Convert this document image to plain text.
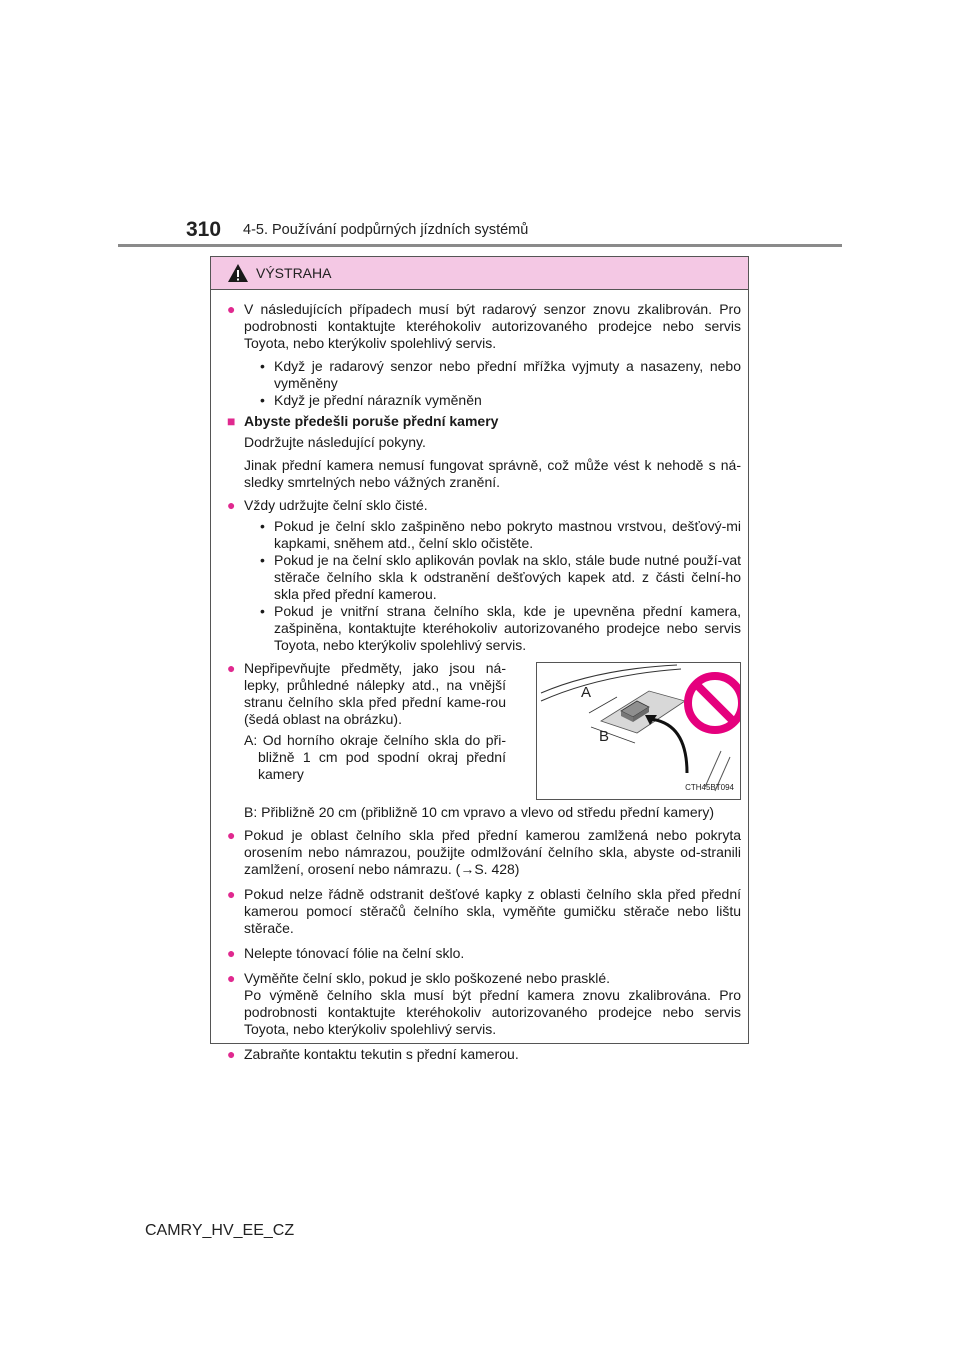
310 4-5. Používání podpůrných jízdních systémů
VÝSTRAHA
● V následujících případech musí být radarový senzor znovu zkalibrován. Pro podrobnosti kontaktujte kteréhokoliv autorizovaného prodejce nebo servis Toyota, nebo kterýkoliv spolehlivý servis.
• Když je radarový senzor nebo přední mřížka vyjmuty a nasazeny, nebo vyměněny
• Když je přední nárazník vyměněn
■ Abyste předešli poruše přední kamery
Dodržujte následující pokyny.
Jinak přední kamera nemusí fungovat správně, což může vést k nehodě s ná-sledky smrtelných nebo vážných zranění.
● Vždy udržujte čelní sklo čisté.
• Pokud je čelní sklo zašpiněno nebo pokryto mastnou vrstvou, dešťový-mi kapkami, sněhem atd., čelní sklo očistěte.
• Pokud je na čelní sklo aplikován povlak na sklo, stále bude nutné použí-vat stěrače čelního skla k odstranění dešťových kapek atd. z části čelní-ho skla před přední kamerou.
• Pokud je vnitřní strana čelního skla, kde je upevněna přední kamera, zašpiněna, kontaktujte kteréhokoliv autorizovaného prodejce nebo servis Toyota, nebo kterýkoliv spolehlivý servis.
● Nepřipevňujte předměty, jako jsou ná-lepky, průhledné nálepky atd., na vnější stranu čelního skla před přední kame-rou (šedá oblast na obrázku).
A: Od horního okraje čelního skla do při-bližně 1 cm pod spodní okraj přední kamery
A
B
CTH45BT094
B: Přibližně 20 cm (přibližně 10 cm vpravo a vlevo od středu přední kamery)
● Pokud je oblast čelního skla před přední kamerou zamlžená nebo pokryta orosením nebo námrazou, použijte odmlžování čelního skla, abyste od-stranili zamlžení, orosení nebo námrazu. (→S. 428)
● Pokud nelze řádně odstranit dešťové kapky z oblasti čelního skla před přední kamerou pomocí stěračů čelního skla, vyměňte gumičku stěrače nebo lištu stěrače.
● Nelepte tónovací fólie na čelní sklo.
● Vyměňte čelní sklo, pokud je sklo poškozené nebo prasklé.
Po výměně čelního skla musí být přední kamera znovu zkalibrována. Pro podrobnosti kontaktujte kteréhokoliv autorizovaného prodejce nebo servis Toyota, nebo kterýkoliv spolehlivý servis.
● Zabraňte kontaktu tekutin s přední kamerou.
CAMRY_HV_EE_CZ
